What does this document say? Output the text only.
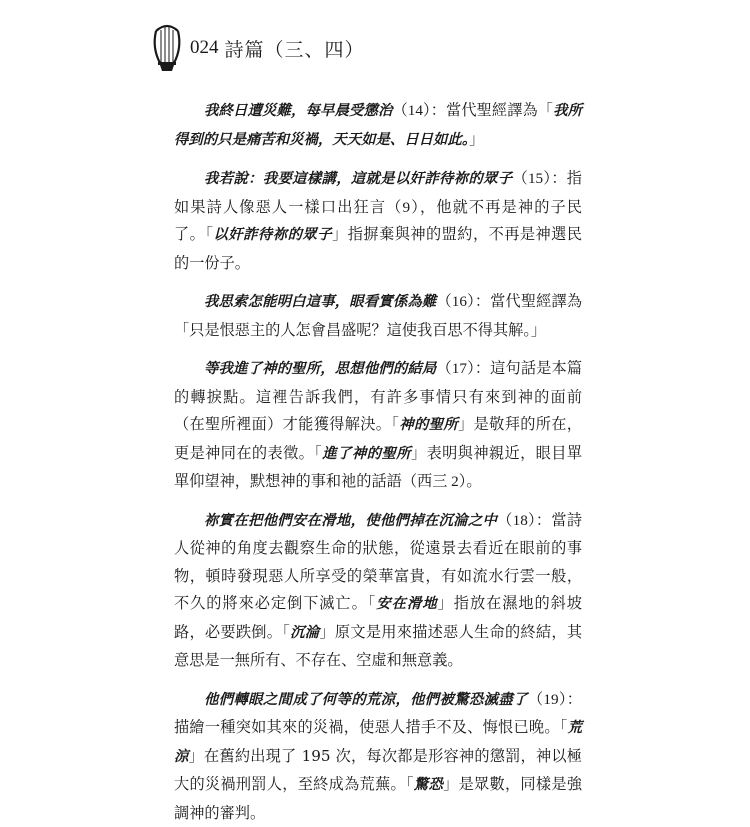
024 詩篇（三、四）

我終日遭災難，每早晨受懲治（14）：當代聖經譯為「我所得到的只是痛苦和災禍，天天如是、日日如此。」

我若說：我要這樣講，這就是以奸詐待祢的眾子（15）：指如果詩人像惡人一樣口出狂言（9），他就不再是神的子民了。「以奸詐待祢的眾子」指摒棄與神的盟約，不再是神選民的一份子。

我思索怎能明白這事，眼看實係為難（16）：當代聖經譯為「只是恨惡主的人怎會昌盛呢？這使我百思不得其解。」

等我進了神的聖所，思想他們的結局（17）：這句話是本篇的轉捩點。這裡告訴我們，有許多事情只有來到神的面前（在聖所裡面）才能獲得解決。「神的聖所」是敬拜的所在，更是神同在的表徵。「進了神的聖所」表明與神親近，眼目單單仰望神，默想神的事和祂的話語（西三 2）。

祢實在把他們安在滑地，使他們掉在沉淪之中（18）：當詩人從神的角度去觀察生命的狀態，從遠景去看近在眼前的事物，頓時發現惡人所享受的榮華富貴，有如流水行雲一般，不久的將來必定倒下滅亡。「安在滑地」指放在濕地的斜坡路，必要跌倒。「沉淪」原文是用來描述惡人生命的終結，其意思是一無所有、不存在、空虛和無意義。

他們轉眼之間成了何等的荒涼，他們被驚恐滅盡了（19）：描繪一種突如其來的災禍，使惡人措手不及、悔恨已晚。「荒涼」在舊約出現了 195 次，每次都是形容神的懲罰，神以極大的災禍刑罰人，至終成為荒蕪。「驚恐」是眾數，同樣是強調神的審判。
